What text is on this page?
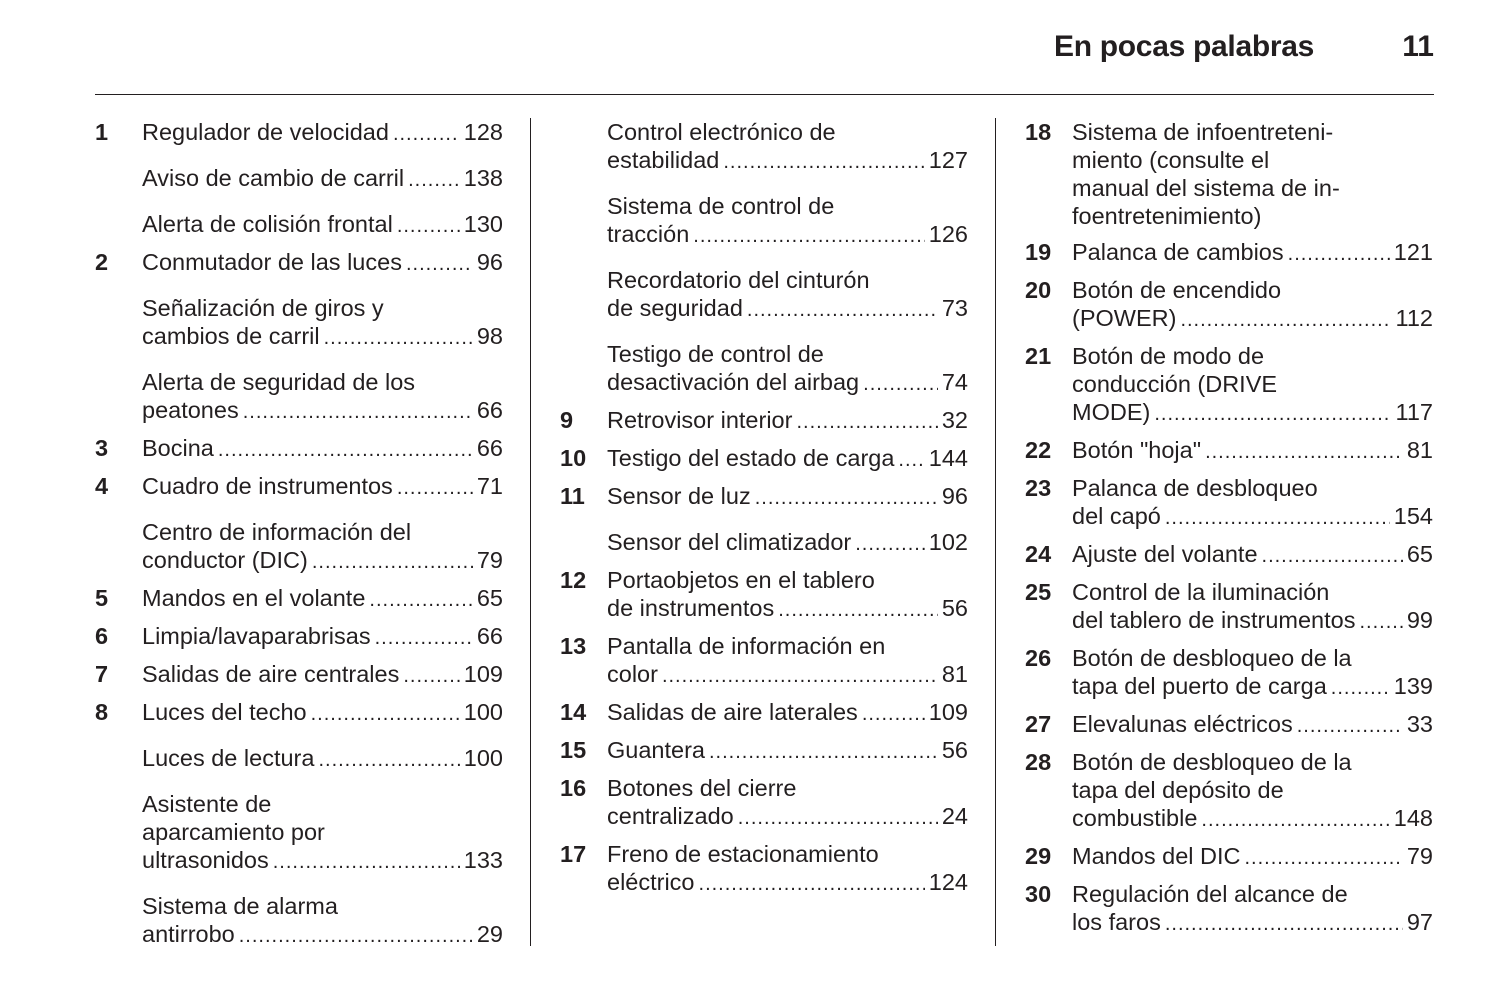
En pocas palabras	11
1 Regulador de velocidad .....	128
Aviso de cambio de carril .....	138
Alerta de colisión frontal .....	130
2 Conmutador de las luces .....	96
Señalización de giros y
cambios de carril .....	98
Alerta de seguridad de los
peatones .....	66
3 Bocina .....	66
4 Cuadro de instrumentos .....	71
Centro de información del
conductor (DIC) .....	79
5 Mandos en el volante .....	65
6 Limpia/lavaparabrisas .....	66
7 Salidas de aire centrales .....	109
8 Luces del techo .....	100
Luces de lectura .....	100
Asistente de
aparcamiento por
ultrasonidos .....	133
Sistema de alarma
antirrobo .....	29
Control electrónico de
estabilidad .....	127
Sistema de control de
tracción .....	126
Recordatorio del cinturón
de seguridad .....	73
Testigo de control de
desactivación del airbag .....	74
9 Retrovisor interior .....	32
10 Testigo del estado de carga ..... 144
11 Sensor de luz .....	96
Sensor del climatizador .....	102
12 Portaobjetos en el tablero
de instrumentos .....	56
13 Pantalla de información en
color .....	81
14 Salidas de aire laterales .....	109
15 Guantera .....	56
16 Botones del cierre
centralizado .....	24
17 Freno de estacionamiento
eléctrico .....	124
18 Sistema de infoentreteni-
miento (consulte el
manual del sistema de in-
foentretenimiento)
19 Palanca de cambios .....	121
20 Botón de encendido
(POWER) .....	112
21 Botón de modo de
conducción (DRIVE
MODE) .....	117
22 Botón "hoja" .....	81
23 Palanca de desbloqueo
del capó .....	154
24 Ajuste del volante .....	65
25 Control de la iluminación
del tablero de instrumentos ..... 99
26 Botón de desbloqueo de la
tapa del puerto de carga .....	139
27 Elevalunas eléctricos .....	33
28 Botón de desbloqueo de la
tapa del depósito de
combustible .....	148
29 Mandos del DIC .....	79
30 Regulación del alcance de
los faros .....	97
